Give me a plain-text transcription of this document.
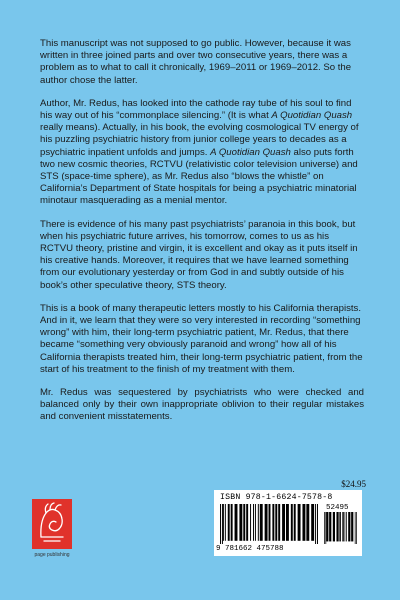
This manuscript was not supposed to go public. However, because it was written in three joined parts and over two consecutive years, there was a problem as to what to call it chronically, 1969–2011 or 1969–2012. So the author chose the latter.

Author, Mr. Redus, has looked into the cathode ray tube of his soul to find his way out of his “commonplace silencing.” (It is what A Quotidian Quash really means). Actually, in his book, the evolving cosmological TV energy of his puzzling psychiatric history from junior college years to decades as a psychiatric inpatient unfolds and jumps. A Quotidian Quash also puts forth two new cosmic theories, RCTVU (relativistic color television universe) and STS (space-time sphere), as Mr. Redus also “blows the whistle” on California’s Department of State hospitals for being a psychiatric minatorial minotaur masquerading as a menial mentor.

There is evidence of his many past psychiatrists’ paranoia in this book, but when his psychiatric future arrives, his tomorrow, comes to us as his RCTVU theory, pristine and virgin, it is excellent and okay as it puts itself in his creative hands. Moreover, it requires that we have learned something from our evolutionary yesterday or from God in and subtly outside of his book’s other speculative theory, STS theory.

This is a book of many therapeutic letters mostly to his California therapists. And in it, we learn that they were so very interested in recording “something wrong” with him, their long-term psychiatric patient, Mr. Redus, that there became “something very obviously paranoid and wrong” how all of his California therapists treated him, their long-term psychiatric patient, from the start of his treatment to the finish of my treatment with them.

Mr. Redus was sequestered by psychiatrists who were checked and balanced only by their own inappropriate oblivion to their regular mistakes and convenient misstatements.

$24.95
ISBN 978-1-6624-7578-8
52495
9 781662 475788
page publishing
